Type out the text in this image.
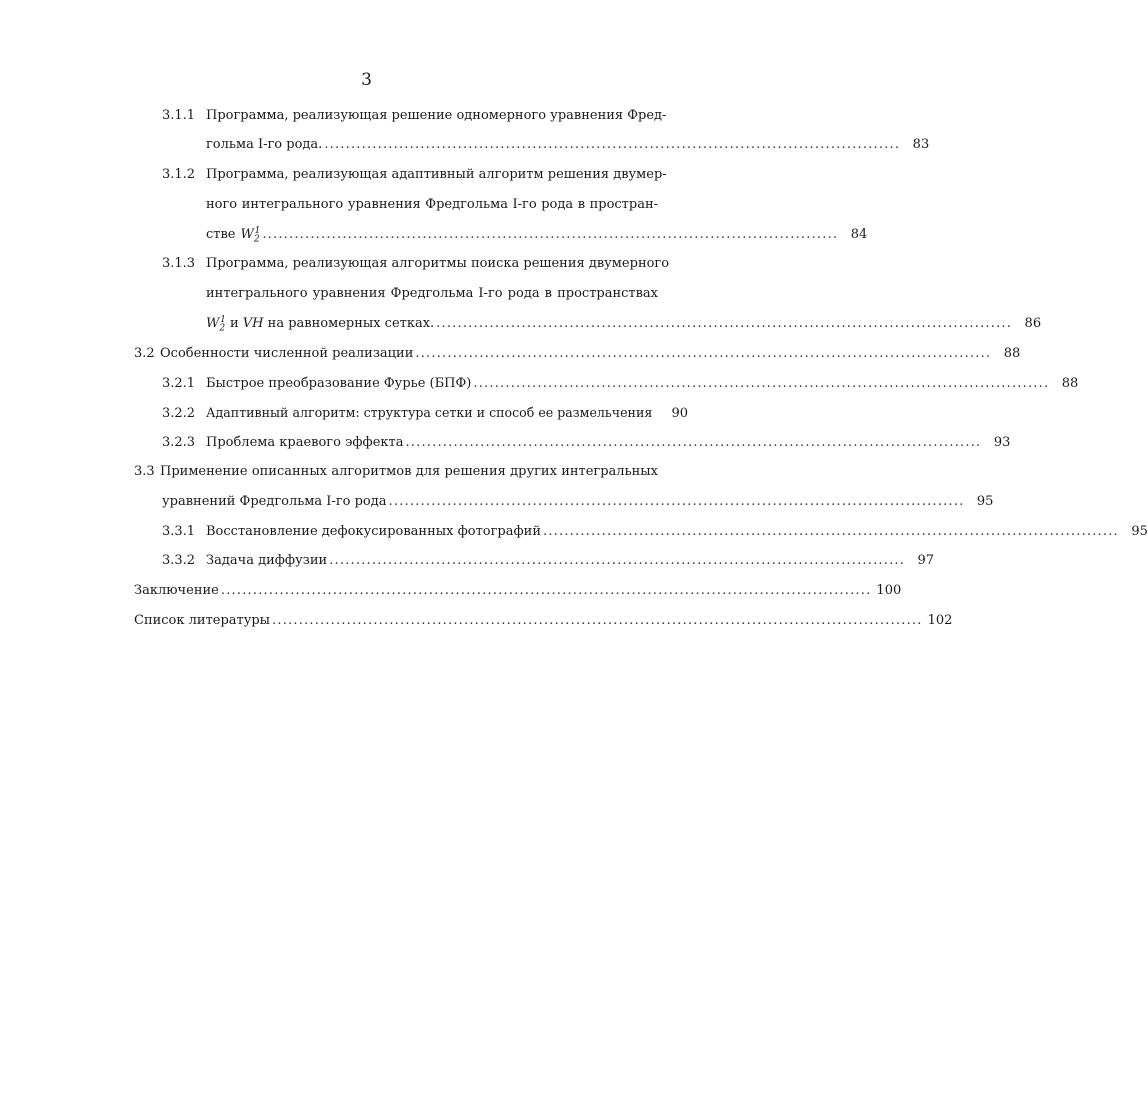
3
3.1.1 Программа, реализующая решение одномерного уравнения Фред-
гольма I-го рода. ............................................................................................................ 83
3.1.2 Программа, реализующая адаптивный алгоритм решения двумер-
ного интегрального уравнения Фредгольма I-го рода в простран-
стве $W_2^1$ ............................................................................................................ 84
3.1.3 Программа, реализующая алгоритмы поиска решения двумерного
интегрального уравнения Фредгольма I-го рода в пространствах
$W_2^1$ и VH на равномерных сетках. ............................................................................................................ 86
3.2 Особенности численной реализации ............................................................................................................ 88
3.2.1 Быстрое преобразование Фурье (БПФ) ............................................................................................................ 88
3.2.2 Адаптивный алгоритм: структура сетки и способ ее размельчения	90
3.2.3 Проблема краевого эффекта ............................................................................................................ 93
3.3 Применение описанных алгоритмов для решения других интегральных
уравнений Фредгольма I-го рода ............................................................................................................ 95
3.3.1 Восстановление дефокусированных фотографий ............................................................................................................ 95
3.3.2 Задача диффузии ............................................................................................................ 97
Заключение .......................................................................................................................... 100
Список литературы .......................................................................................................................... 102
